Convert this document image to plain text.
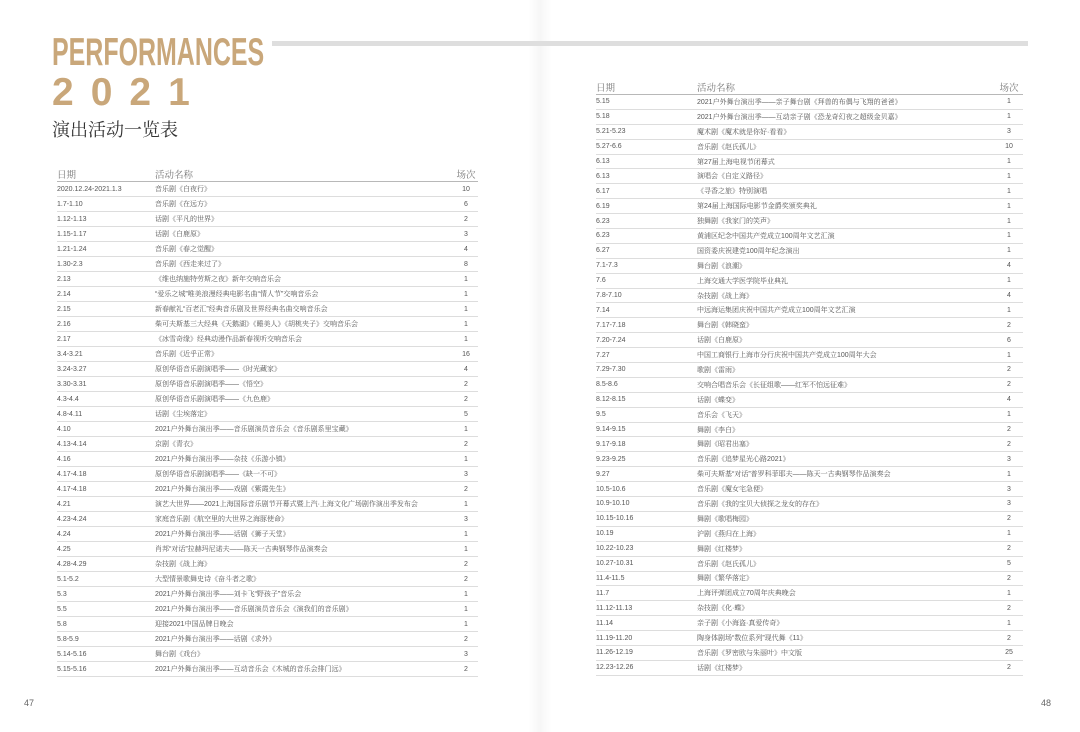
PERFORMANCES
2021
演出活动一览表
日期	活动名称	场次
2020.12.24-2021.1.3	音乐剧《白夜行》	10
1.7-1.10	音乐剧《在远方》	6
1.12-1.13	话剧《平凡的世界》	2
1.15-1.17	话剧《白鹿原》	3
1.21-1.24	音乐剧《春之觉醒》	4
1.30-2.3	音乐剧《西走来过了》	8
2.13	《维也纳施特劳斯之夜》新年交响音乐会	1
2.14	“爱乐之城”唯美浪漫经典电影名曲“情人节”交响音乐会	1
2.15	新春献礼“百老汇”经典音乐剧及世界经典名曲交响音乐会	1
2.16	柴可夫斯基三大经典《天鹅湖》《睡美人》《胡桃夹子》交响音乐会	1
2.17	《冰雪奇缘》经典动漫作品新春视听交响音乐会	1
3.4-3.21	音乐剧《近乎正常》	16
3.24-3.27	原创华语音乐剧演唱季——《时光藏家》	4
3.30-3.31	原创华语音乐剧演唱季——《悟空》	2
4.3-4.4	原创华语音乐剧演唱季——《九色鹿》	2
4.8-4.11	话剧《尘埃落定》	5
4.10	2021户外舞台演出季——音乐剧演员音乐会《音乐剧系里宝藏》	1
4.13-4.14	京剧《青衣》	2
4.16	2021户外舞台演出季——杂技《乐游小镇》	1
4.17-4.18	原创华语音乐剧演唱季——《缺一不可》	3
4.17-4.18	2021户外舞台演出季——戏剧《紫霞先生》	2
4.21	演艺大世界——2021上海国际音乐剧节开幕式暨上汽·上海文化广场剧作演出季发布会	1
4.23-4.24	家庭音乐剧《航空里的大世界之海豚使命》	3
4.24	2021户外舞台演出季——话剧《狮子天堂》	1
4.25	肖邦“对话”拉赫玛尼诺夫——陈天一古典钢琴作品演奏会	1
4.28-4.29	杂技剧《战上海》	2
5.1-5.2	大型情景歌舞史诗《奋斗者之歌》	2
5.3	2021户外舞台演出季——刘卡飞“野孩子”音乐会	1
5.5	2021户外舞台演出季——音乐剧演员音乐会《演我们的音乐剧》	1
5.8	迎接2021中国品牌日晚会	1
5.8-5.9	2021户外舞台演出季——话剧《求外》	2
5.14-5.16	舞台剧《戏台》	3
5.15-5.16	2021户外舞台演出季——互动音乐会《木城的音乐会排门远》	2
47	48
日期	活动名称	场次
5.15	2021户外舞台演出季——亲子舞台剧《拜兽的布偶与飞翔的爸爸》	1
5.18	2021户外舞台演出季——互动亲子剧《恐龙奇幻夜之超级金贝嘉》	1
5.21-5.23	魔术剧《魔术就是你好·看看》	3
5.27-6.6	音乐剧《赵氏孤儿》	10
6.13	第27届上海电视节闭幕式	1
6.13	演唱会《自定义路径》	1
6.17	《寻香之旅》特别演唱	1
6.19	第24届上海国际电影节金爵奖颁奖典礼	1
6.23	独舞剧《我家门的笑声》	1
6.23	黄浦区纪念中国共产党成立100周年文艺汇演	1
6.27	国资委庆祝建党100周年纪念演出	1
7.1-7.3	舞台剧《浪潮》	4
7.6	上海交通大学医学院毕业典礼	1
7.8-7.10	杂技剧《战上海》	4
7.14	中远海运集团庆祝中国共产党成立100周年文艺汇演	1
7.17-7.18	舞台剧《韩晓蛮》	2
7.20-7.24	话剧《白鹿原》	6
7.27	中国工商银行上海市分行庆祝中国共产党成立100周年大会	1
7.29-7.30	歌剧《雷雨》	2
8.5-8.6	交响合唱音乐会《长征组歌——红军不怕远征难》	2
8.12-8.15	话剧《蝶变》	4
9.5	音乐会《飞天》	1
9.14-9.15	舞剧《李白》	2
9.17-9.18	舞剧《昭君出塞》	2
9.23-9.25	音乐剧《追梦星光心路2021》	3
9.27	柴可夫斯基“对话”普罗科菲耶夫——陈天一古典钢琴作品演奏会	1
10.5-10.6	音乐剧《魔女宅急便》	3
10.9-10.10	音乐剧《我的宝贝大侦探之龙女的存在》	3
10.15-10.16	舞剧《歌唱梅园》	2
10.19	沪剧《燕归在上海》	1
10.22-10.23	舞剧《红楼梦》	2
10.27-10.31	音乐剧《赵氏孤儿》	5
11.4-11.5	舞剧《繁华落定》	2
11.7	上海评弹团成立70周年庆典晚会	1
11.12-11.13	杂技剧《化·蝶》	2
11.14	亲子剧《小海盗·真爱传奇》	1
11.19-11.20	陶身体剧场“数位系列”现代舞《11》	2
11.26-12.19	音乐剧《罗密欧与朱丽叶》中文版	25
12.23-12.26	话剧《红楼梦》	2
